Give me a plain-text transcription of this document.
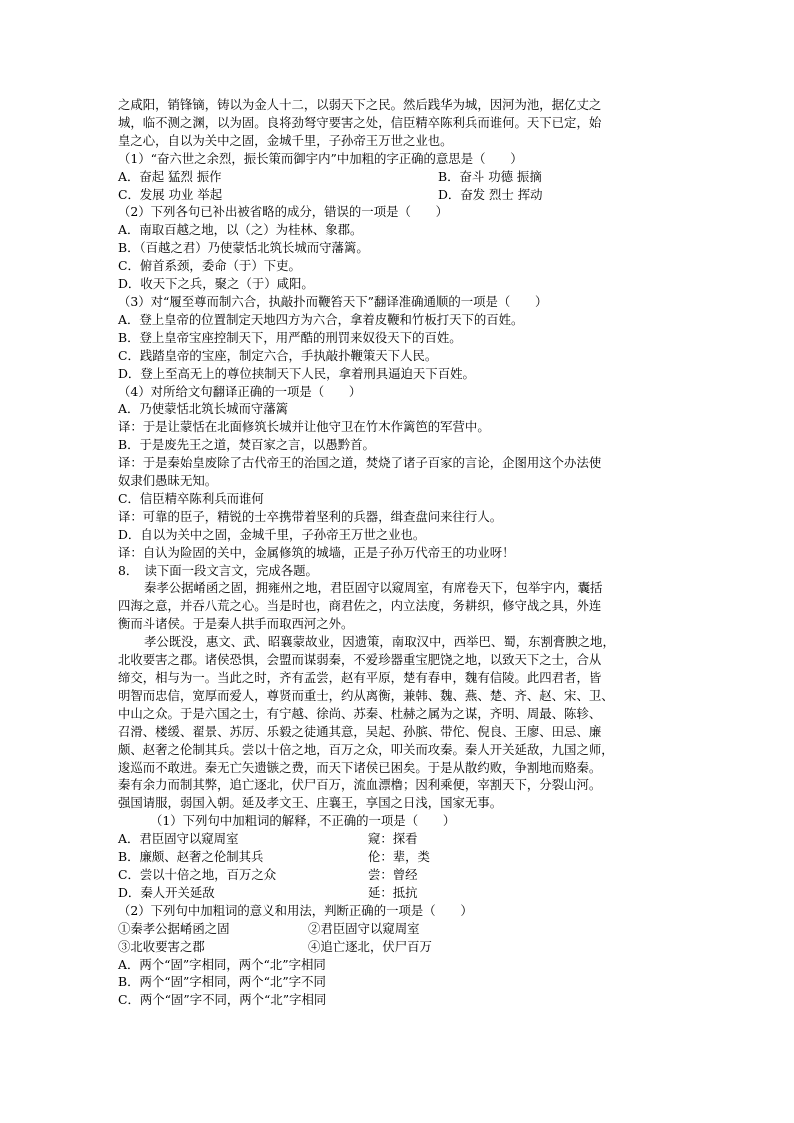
之咸阳，销锋镝，铸以为金人十二，以弱天下之民。然后践华为城，因河为池，据亿丈之
城，临不测之渊，以为固。良将劲弩守要害之处，信臣精卒陈利兵而谁何。天下已定，始
皇之心，自以为关中之固，金城千里，子孙帝王万世之业也。
（1）“奋六世之余烈，振长策而御宇内”中加粗的字正确的意思是（　　）
A．奋起 猛烈 振作	B．奋斗 功德 振摘
C．发展 功业 举起	D．奋发 烈士 挥动
（2）下列各句已补出被省略的成分，错误的一项是（　　）
A．南取百越之地，以（之）为桂林、象郡。
B．（百越之君）乃使蒙恬北筑长城而守藩篱。
C．俯首系颈，委命（于）下吏。
D．收天下之兵，聚之（于）咸阳。
（3）对“履至尊而制六合，执敲扑而鞭笞天下”翻译准确通顺的一项是（　　）
A．登上皇帝的位置制定天地四方为六合，拿着皮鞭和竹板打天下的百姓。
B．登上皇帝宝座控制天下，用严酷的刑罚来奴役天下的百姓。
C．践踏皇帝的宝座，制定六合，手执敲扑鞭策天下人民。
D．登上至高无上的尊位挟制天下人民，拿着刑具逼迫天下百姓。
（4）对所给文句翻译正确的一项是（　　）
A．乃使蒙恬北筑长城而守藩篱
译：于是让蒙恬在北面修筑长城并让他守卫在竹木作篱笆的军营中。
B．于是废先王之道，焚百家之言，以愚黔首。
译：于是秦始皇废除了古代帝王的治国之道，焚烧了诸子百家的言论，企图用这个办法使
奴隶们愚昧无知。
C．信臣精卒陈利兵而谁何
译：可靠的臣子，精锐的士卒携带着坚利的兵器，缉查盘问来往行人。
D．自以为关中之固，金城千里，子孙帝王万世之业也。
译：自认为险固的关中，金属修筑的城墙，正是子孙万代帝王的功业呀！
8．　读下面一段文言文，完成各题。
秦孝公据崤函之固，拥雍州之地，君臣固守以窥周室，有席卷天下，包举宇内，囊括
四海之意，并吞八荒之心。当是时也，商君佐之，内立法度，务耕织，修守战之具，外连
衡而斗诸侯。于是秦人拱手而取西河之外。
孝公既没，惠文、武、昭襄蒙故业，因遗策，南取汉中，西举巴、蜀，东割膏腴之地，
北收要害之郡。诸侯恐惧，会盟而谋弱秦，不爱珍器重宝肥饶之地，以致天下之士，合从
缔交，相与为一。当此之时，齐有孟尝，赵有平原，楚有春申，魏有信陵。此四君者，皆
明智而忠信，宽厚而爱人，尊贤而重士，约从离衡，兼韩、魏、燕、楚、齐、赵、宋、卫、
中山之众。于是六国之士，有宁越、徐尚、苏秦、杜赫之属为之谋，齐明、周最、陈轸、
召滑、楼缓、翟景、苏厉、乐毅之徒通其意，吴起、孙膑、带佗、倪良、王廖、田忌、廉
颇、赵奢之伦制其兵。尝以十倍之地，百万之众，叩关而攻秦。秦人开关延敌，九国之师，
逡巡而不敢进。秦无亡矢遗镞之费，而天下诸侯已困矣。于是从散约败，争割地而赂秦。
秦有余力而制其弊，追亡逐北，伏尸百万，流血漂橹；因利乘便，宰割天下，分裂山河。
强国请服，弱国入朝。延及孝文王、庄襄王，享国之日浅，国家无事。
（1）下列句中加粗词的解释，不正确的一项是（　　）
A．君臣固守以窥周室	窥：探看
B．廉颇、赵奢之伦制其兵	伦：辈，类
C．尝以十倍之地，百万之众	尝：曾经
D．秦人开关延敌	延：抵抗
（2）下列句中加粗词的意义和用法，判断正确的一项是（　　）
①秦孝公据崤函之固	②君臣固守以窥周室
③北收要害之郡	④追亡逐北，伏尸百万
A．两个“固”字相同，两个“北”字相同
B．两个“固”字相同，两个“北”字不同
C．两个“固”字不同，两个“北”字相同
